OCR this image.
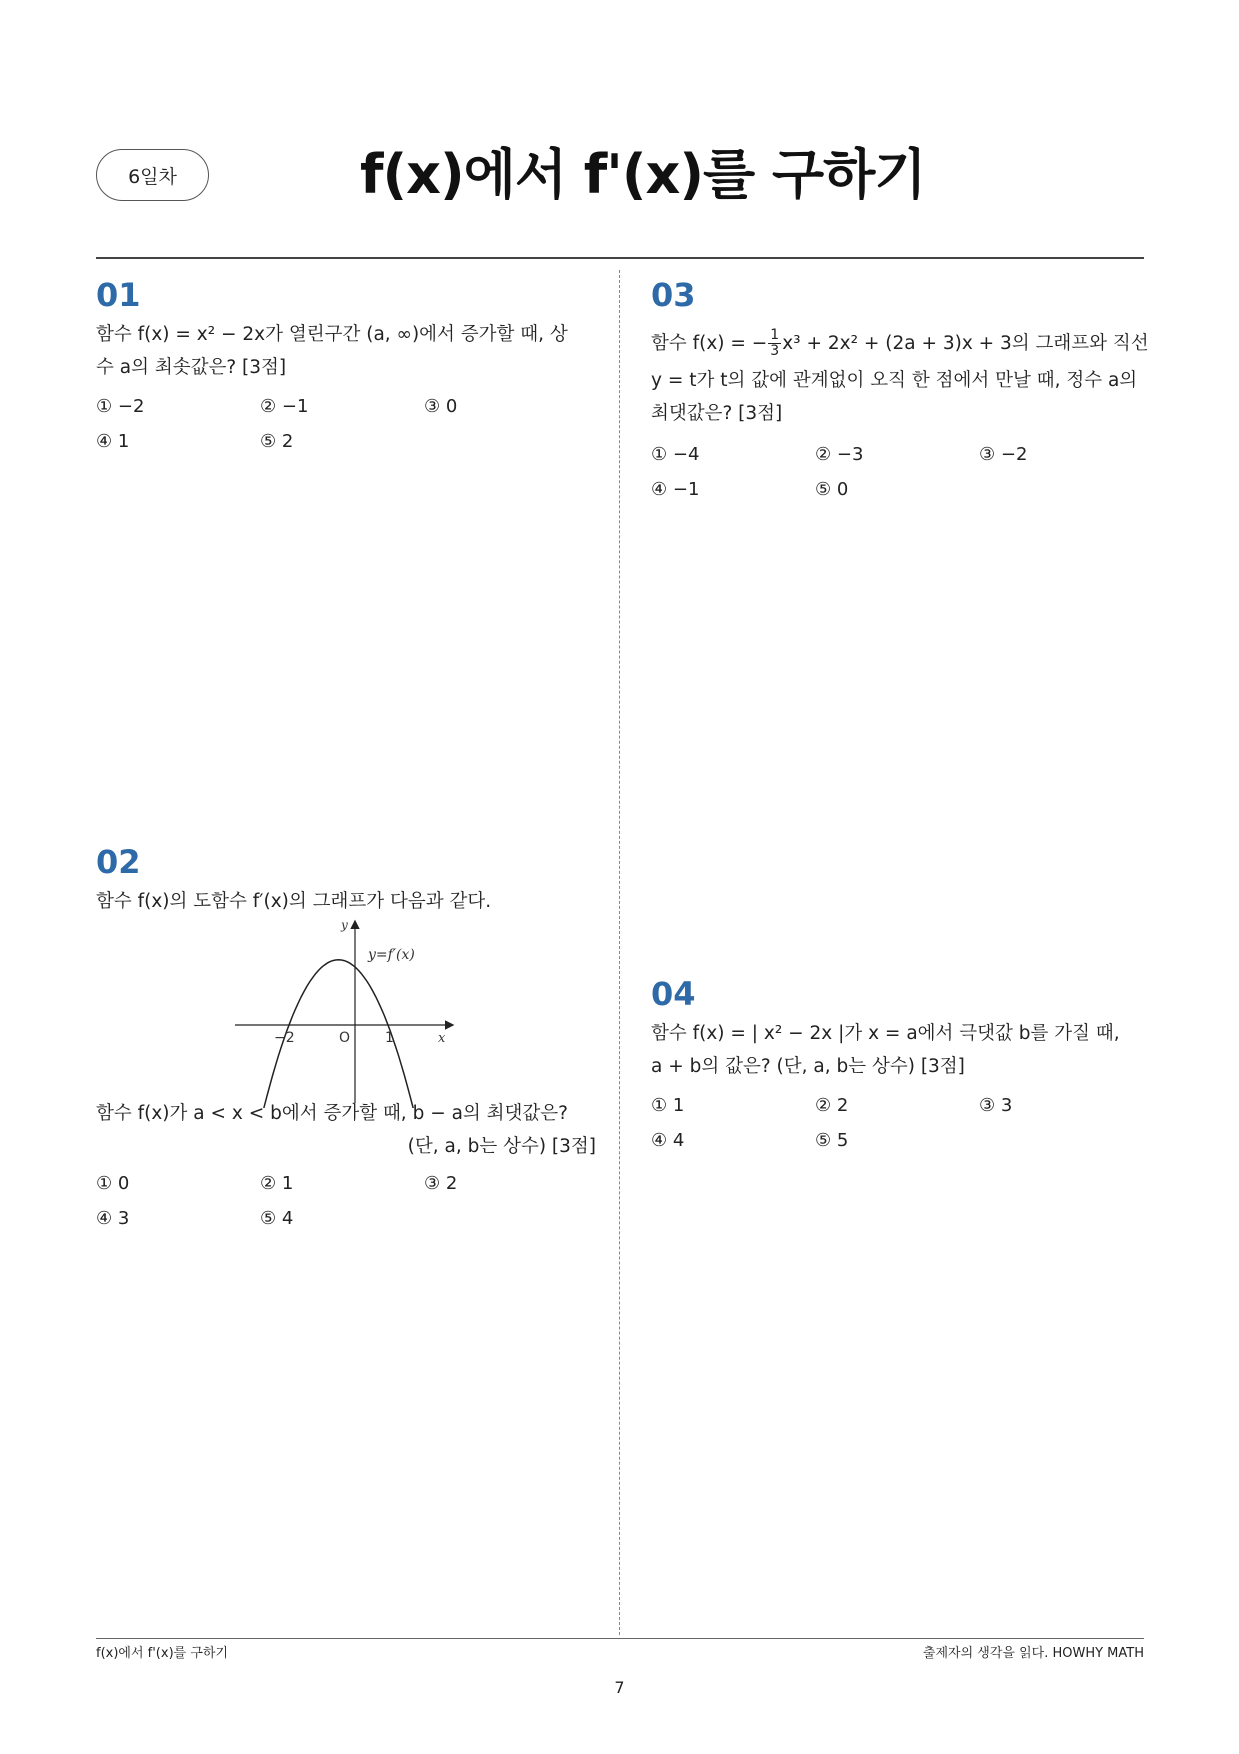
6일차	f(x)에서 f'(x)를 구하기
01
함수 f(x) = x² − 2x가 열린구간 (a, ∞)에서 증가할 때, 상
수 a의 최솟값은? [3점]
① −2	② −1	③ 0
④ 1	⑤ 2
02
함수 f(x)의 도함수 f′(x)의 그래프가 다음과 같다.
y
x
O
−2	1
y=f′(x)
함수 f(x)가 a < x < b에서 증가할 때, b − a의 최댓값은?
(단, a, b는 상수) [3점]
① 0	② 1	③ 2
④ 3	⑤ 4
03
함수 f(x) = − $\frac{1}{3} x^3 + 2x^2 + (2a + 3)x + 3$의 그래프와 직선
y = t가 t의 값에 관계없이 오직 한 점에서 만날 때, 정수 a의
최댓값은? [3점]
① −4	② −3	③ −2
④ −1	⑤ 0
04
함수 f(x) = | x² − 2x |가 x = a에서 극댓값 b를 가질 때,
a + b의 값은? (단, a, b는 상수) [3점]
① 1	② 2	③ 3
④ 4	⑤ 5
f(x)에서 f'(x)를 구하기	출제자의 생각을 읽다. HOWHY MATH
7
